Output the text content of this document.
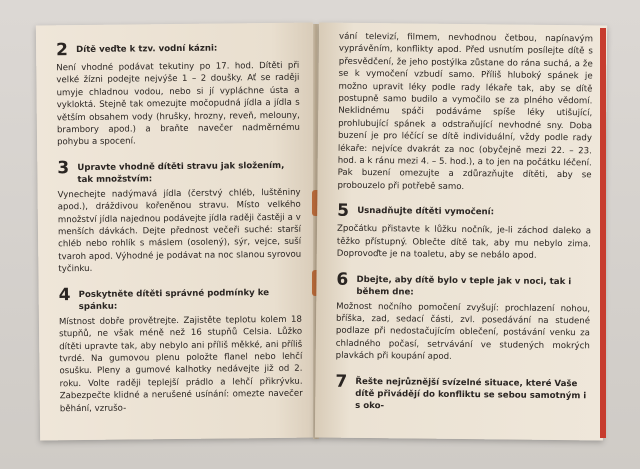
2 Dítě veďte k tzv. vodní kázni:

Není vhodné podávat tekutiny po 17. hod. Dítěti při velké žízni podejte nejvýše 1 – 2 doušky. Ať se raději umyje chladnou vodou, nebo si jí vypláchne ústa a vykloktá. Stejně tak omezujte močopudná jídla a jídla s větším obsahem vody (hrušky, hrozny, reveň, melouny, brambory apod.) a braňte navečer nadměrnému pohybu a spocení.

3 Upravte vhodně dítěti stravu jak složením, tak množstvím:

Vynechejte nadýmavá jídla (čerstvý chléb, luštěniny apod.), dráždivou kořeněnou stravu. Místo velkého množství jídla najednou podávejte jídla raději častěji a v menších dávkách. Dejte přednost večeři suché: starší chléb nebo rohlík s máslem (osolený), sýr, vejce, suší tvaroh apod. Výhodné je podávat na noc slanou syrovou tyčinku.

4 Poskytněte dítěti správné podmínky ke spánku:

Místnost dobře provětrejte. Zajistěte teplotu kolem 18 stupňů, ne však méně než 16 stupňů Celsia. Lůžko dítěti upravte tak, aby nebylo ani příliš měkké, ani příliš tvrdé. Na gumovou plenu položte flanel nebo lehčí osušku. Pleny a gumové kalhotky nedávejte již od 2. roku. Volte raději teplejší prádlo a lehčí přikrývku. Zabezpečte klidné a nerušené usínání: omezte navečer běhání, vzrušo-

vání televizí, filmem, nevhodnou četbou, napínavým vyprávěním, konflikty apod. Před usnutím posílejte dítě s přesvědčení, že jeho postýlka zůstane do rána suchá, a že se k vymočení vzbudí samo. Příliš hluboký spánek je možno upravit léky podle rady lékaře tak, aby se dítě postupně samo budilo a vymočilo se za plného vědomí. Neklidnému spáči podáváme spíše léky utišující, prohlubující spánek a odstraňující nevhodné sny. Doba buzení je pro léčící se dítě individuální, vždy podle rady lékaře: nejvíce dvakrát za noc (obyčejně mezi 22. – 23. hod. a k ránu mezi 4. – 5. hod.), a to jen na počátku léčení. Pak buzení omezujte a zdůrazňujte dítěti, aby se probouzelo při potřebě samo.

5 Usnadňujte dítěti vymočení:

Zpočátku přistavte k lůžku nočník, je-li záchod daleko a těžko přístupný. Oblečte dítě tak, aby mu nebylo zima. Doprovoďte je na toaletu, aby se nebálo apod.

6 Dbejte, aby dítě bylo v teple jak v noci, tak i během dne:

Možnost nočního pomočení zvyšují: prochlazení nohou, bříška, zad, sedací části, zvl. posedávání na studené podlaze při nedostačujícím oblečení, postávání venku za chladného počasí, setrvávání ve studených mokrých plavkách při koupání apod.

7 Řešte nejrůznější svízelné situace, které Vaše dítě přivádějí do konfliktu se sebou samotným i s oko-
